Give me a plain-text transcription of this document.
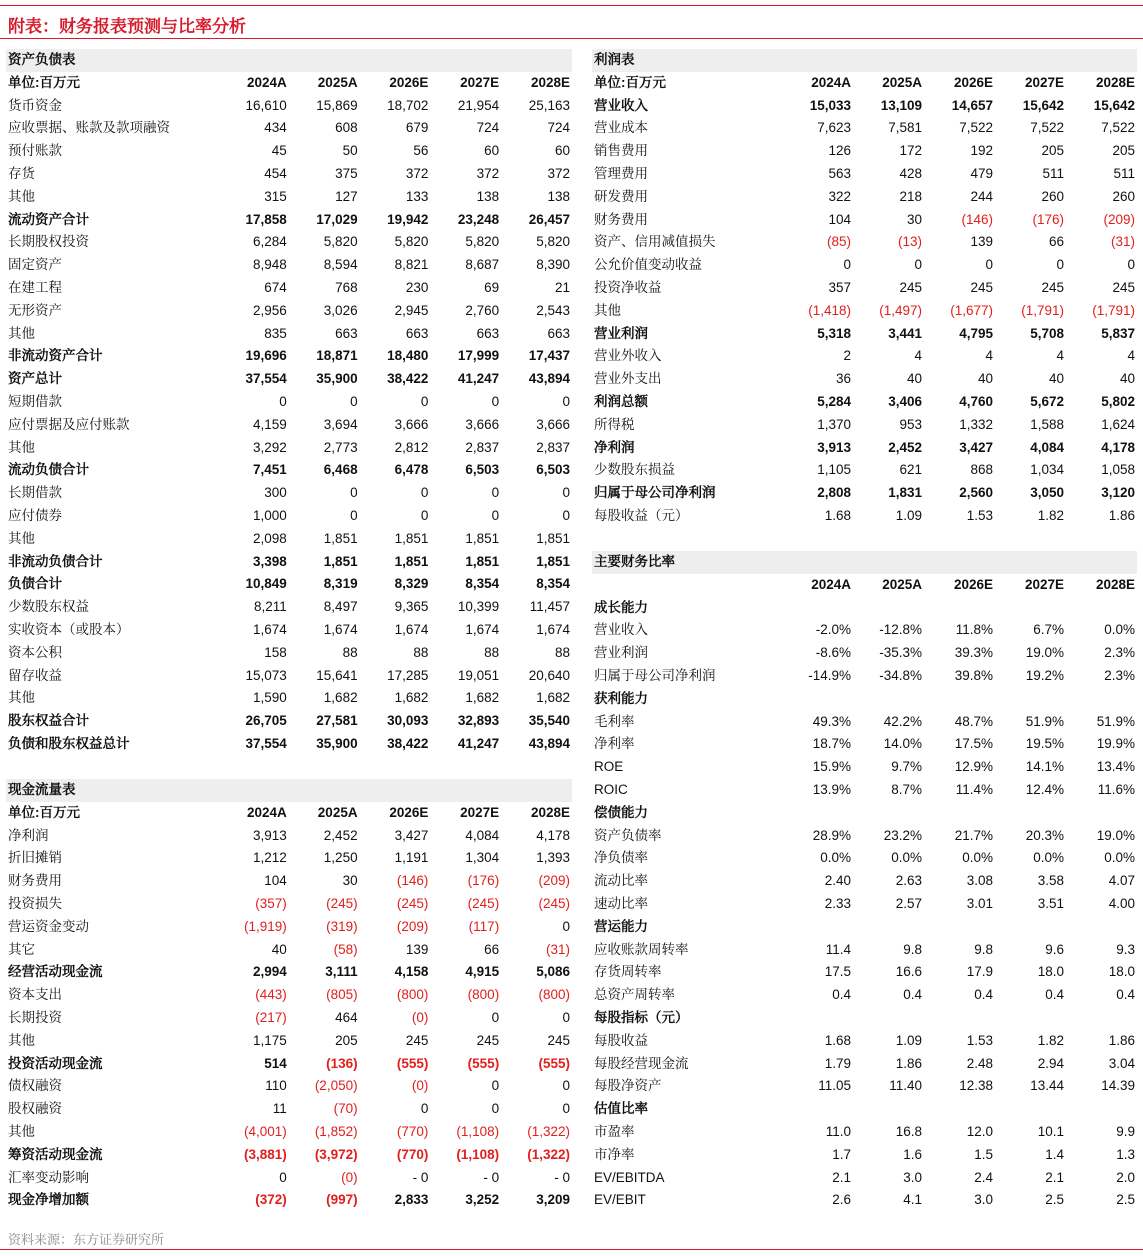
附表：财务报表预测与比率分析
资产负债表					
单位:百万元	2024A	2025A	2026E	2027E	2028E
货币资金	16,610	15,869	18,702	21,954	25,163
应收票据、账款及款项融资	434	608	679	724	724
预付账款	45	50	56	60	60
存货	454	375	372	372	372
其他	315	127	133	138	138
流动资产合计	17,858	17,029	19,942	23,248	26,457
长期股权投资	6,284	5,820	5,820	5,820	5,820
固定资产	8,948	8,594	8,821	8,687	8,390
在建工程	674	768	230	69	21
无形资产	2,956	3,026	2,945	2,760	2,543
其他	835	663	663	663	663
非流动资产合计	19,696	18,871	18,480	17,999	17,437
资产总计	37,554	35,900	38,422	41,247	43,894
短期借款	0	0	0	0	0
应付票据及应付账款	4,159	3,694	3,666	3,666	3,666
其他	3,292	2,773	2,812	2,837	2,837
流动负债合计	7,451	6,468	6,478	6,503	6,503
长期借款	300	0	0	0	0
应付债券	1,000	0	0	0	0
其他	2,098	1,851	1,851	1,851	1,851
非流动负债合计	3,398	1,851	1,851	1,851	1,851
负债合计	10,849	8,319	8,329	8,354	8,354
少数股东权益	8,211	8,497	9,365	10,399	11,457
实收资本（或股本）	1,674	1,674	1,674	1,674	1,674
资本公积	158	88	88	88	88
留存收益	15,073	15,641	17,285	19,051	20,640
其他	1,590	1,682	1,682	1,682	1,682
股东权益合计	26,705	27,581	30,093	32,893	35,540
负债和股东权益总计	37,554	35,900	38,422	41,247	43,894
利润表					
单位:百万元	2024A	2025A	2026E	2027E	2028E
营业收入	15,033	13,109	14,657	15,642	15,642
营业成本	7,623	7,581	7,522	7,522	7,522
销售费用	126	172	192	205	205
管理费用	563	428	479	511	511
研发费用	322	218	244	260	260
财务费用	104	30	(146)	(176)	(209)
资产、信用减值损失	(85)	(13)	139	66	(31)
公允价值变动收益	0	0	0	0	0
投资净收益	357	245	245	245	245
其他	(1,418)	(1,497)	(1,677)	(1,791)	(1,791)
营业利润	5,318	3,441	4,795	5,708	5,837
营业外收入	2	4	4	4	4
营业外支出	36	40	40	40	40
利润总额	5,284	3,406	4,760	5,672	5,802
所得税	1,370	953	1,332	1,588	1,624
净利润	3,913	2,452	3,427	4,084	4,178
少数股东损益	1,105	621	868	1,034	1,058
归属于母公司净利润	2,808	1,831	2,560	3,050	3,120
每股收益（元）	1.68	1.09	1.53	1.82	1.86
现金流量表					
单位:百万元	2024A	2025A	2026E	2027E	2028E
净利润	3,913	2,452	3,427	4,084	4,178
折旧摊销	1,212	1,250	1,191	1,304	1,393
财务费用	104	30	(146)	(176)	(209)
投资损失	(357)	(245)	(245)	(245)	(245)
营运资金变动	(1,919)	(319)	(209)	(117)	0
其它	40	(58)	139	66	(31)
经营活动现金流	2,994	3,111	4,158	4,915	5,086
资本支出	(443)	(805)	(800)	(800)	(800)
长期投资	(217)	464	(0)	0	0
其他	1,175	205	245	245	245
投资活动现金流	514	(136)	(555)	(555)	(555)
债权融资	110	(2,050)	(0)	0	0
股权融资	11	(70)	0	0	0
其他	(4,001)	(1,852)	(770)	(1,108)	(1,322)
筹资活动现金流	(3,881)	(3,972)	(770)	(1,108)	(1,322)
汇率变动影响	0	(0)	- 0	- 0	- 0
现金净增加额	(372)	(997)	2,833	3,252	3,209
主要财务比率					
	2024A	2025A	2026E	2027E	2028E
成长能力					
营业收入	-2.0%	-12.8%	11.8%	6.7%	0.0%
营业利润	-8.6%	-35.3%	39.3%	19.0%	2.3%
归属于母公司净利润	-14.9%	-34.8%	39.8%	19.2%	2.3%
获利能力					
毛利率	49.3%	42.2%	48.7%	51.9%	51.9%
净利率	18.7%	14.0%	17.5%	19.5%	19.9%
ROE	15.9%	9.7%	12.9%	14.1%	13.4%
ROIC	13.9%	8.7%	11.4%	12.4%	11.6%
偿债能力					
资产负债率	28.9%	23.2%	21.7%	20.3%	19.0%
净负债率	0.0%	0.0%	0.0%	0.0%	0.0%
流动比率	2.40	2.63	3.08	3.58	4.07
速动比率	2.33	2.57	3.01	3.51	4.00
营运能力					
应收账款周转率	11.4	9.8	9.8	9.6	9.3
存货周转率	17.5	16.6	17.9	18.0	18.0
总资产周转率	0.4	0.4	0.4	0.4	0.4
每股指标（元）					
每股收益	1.68	1.09	1.53	1.82	1.86
每股经营现金流	1.79	1.86	2.48	2.94	3.04
每股净资产	11.05	11.40	12.38	13.44	14.39
估值比率					
市盈率	11.0	16.8	12.0	10.1	9.9
市净率	1.7	1.6	1.5	1.4	1.3
EV/EBITDA	2.1	3.0	2.4	2.1	2.0
EV/EBIT	2.6	4.1	3.0	2.5	2.5
资料来源：东方证券研究所
